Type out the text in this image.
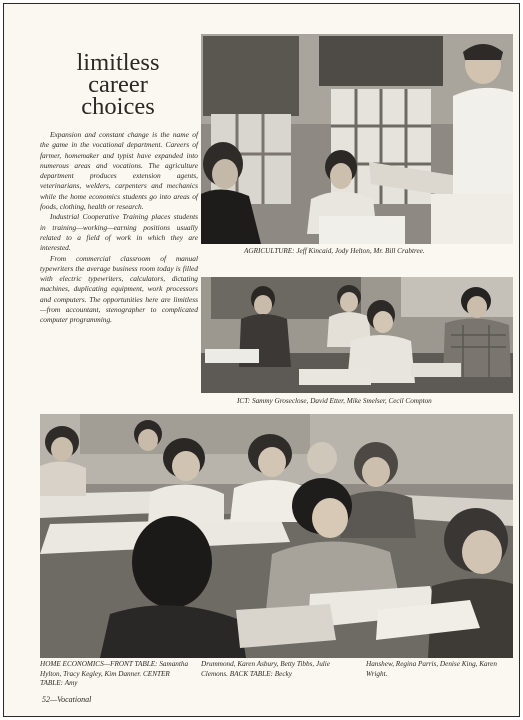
limitless
career
choices

Expansion and constant change is the name of the game in the vocational department. Careers of farmer, homemaker and typist have expanded into numerous areas and vocations. The agriculture department produces extension agents, veterinarians, welders, carpenters and mechanics while the home economics students go into areas of foods, clothing, health or research.

Industrial Cooperative Training places students in training—working—earning positions usually related to a field of work in which they are interested.

From commercial classroom of manual typewriters the average business room today is filled with electric typewriters, calculators, dictating machines, duplicating equipment, work processors and computers. The opportunities here are limitless—from accountant, stenographer to complicated computer programming.

AGRICULTURE: Jeff Kincaid, Jody Helton, Mr. Bill Crabtree.
ICT: Sammy Groseclose, David Etter, Mike Smelser, Cecil Compton
HOME ECONOMICS—FRONT TABLE: Samantha Hylton, Tracy Kegley, Kim Danner. CENTER TABLE: Amy
Drummond, Karen Asbury, Betty Tibbs, Julie Clemons. BACK TABLE: Becky
Hanshew, Regina Parris, Denise King, Karen Wright.
52—Vocational
